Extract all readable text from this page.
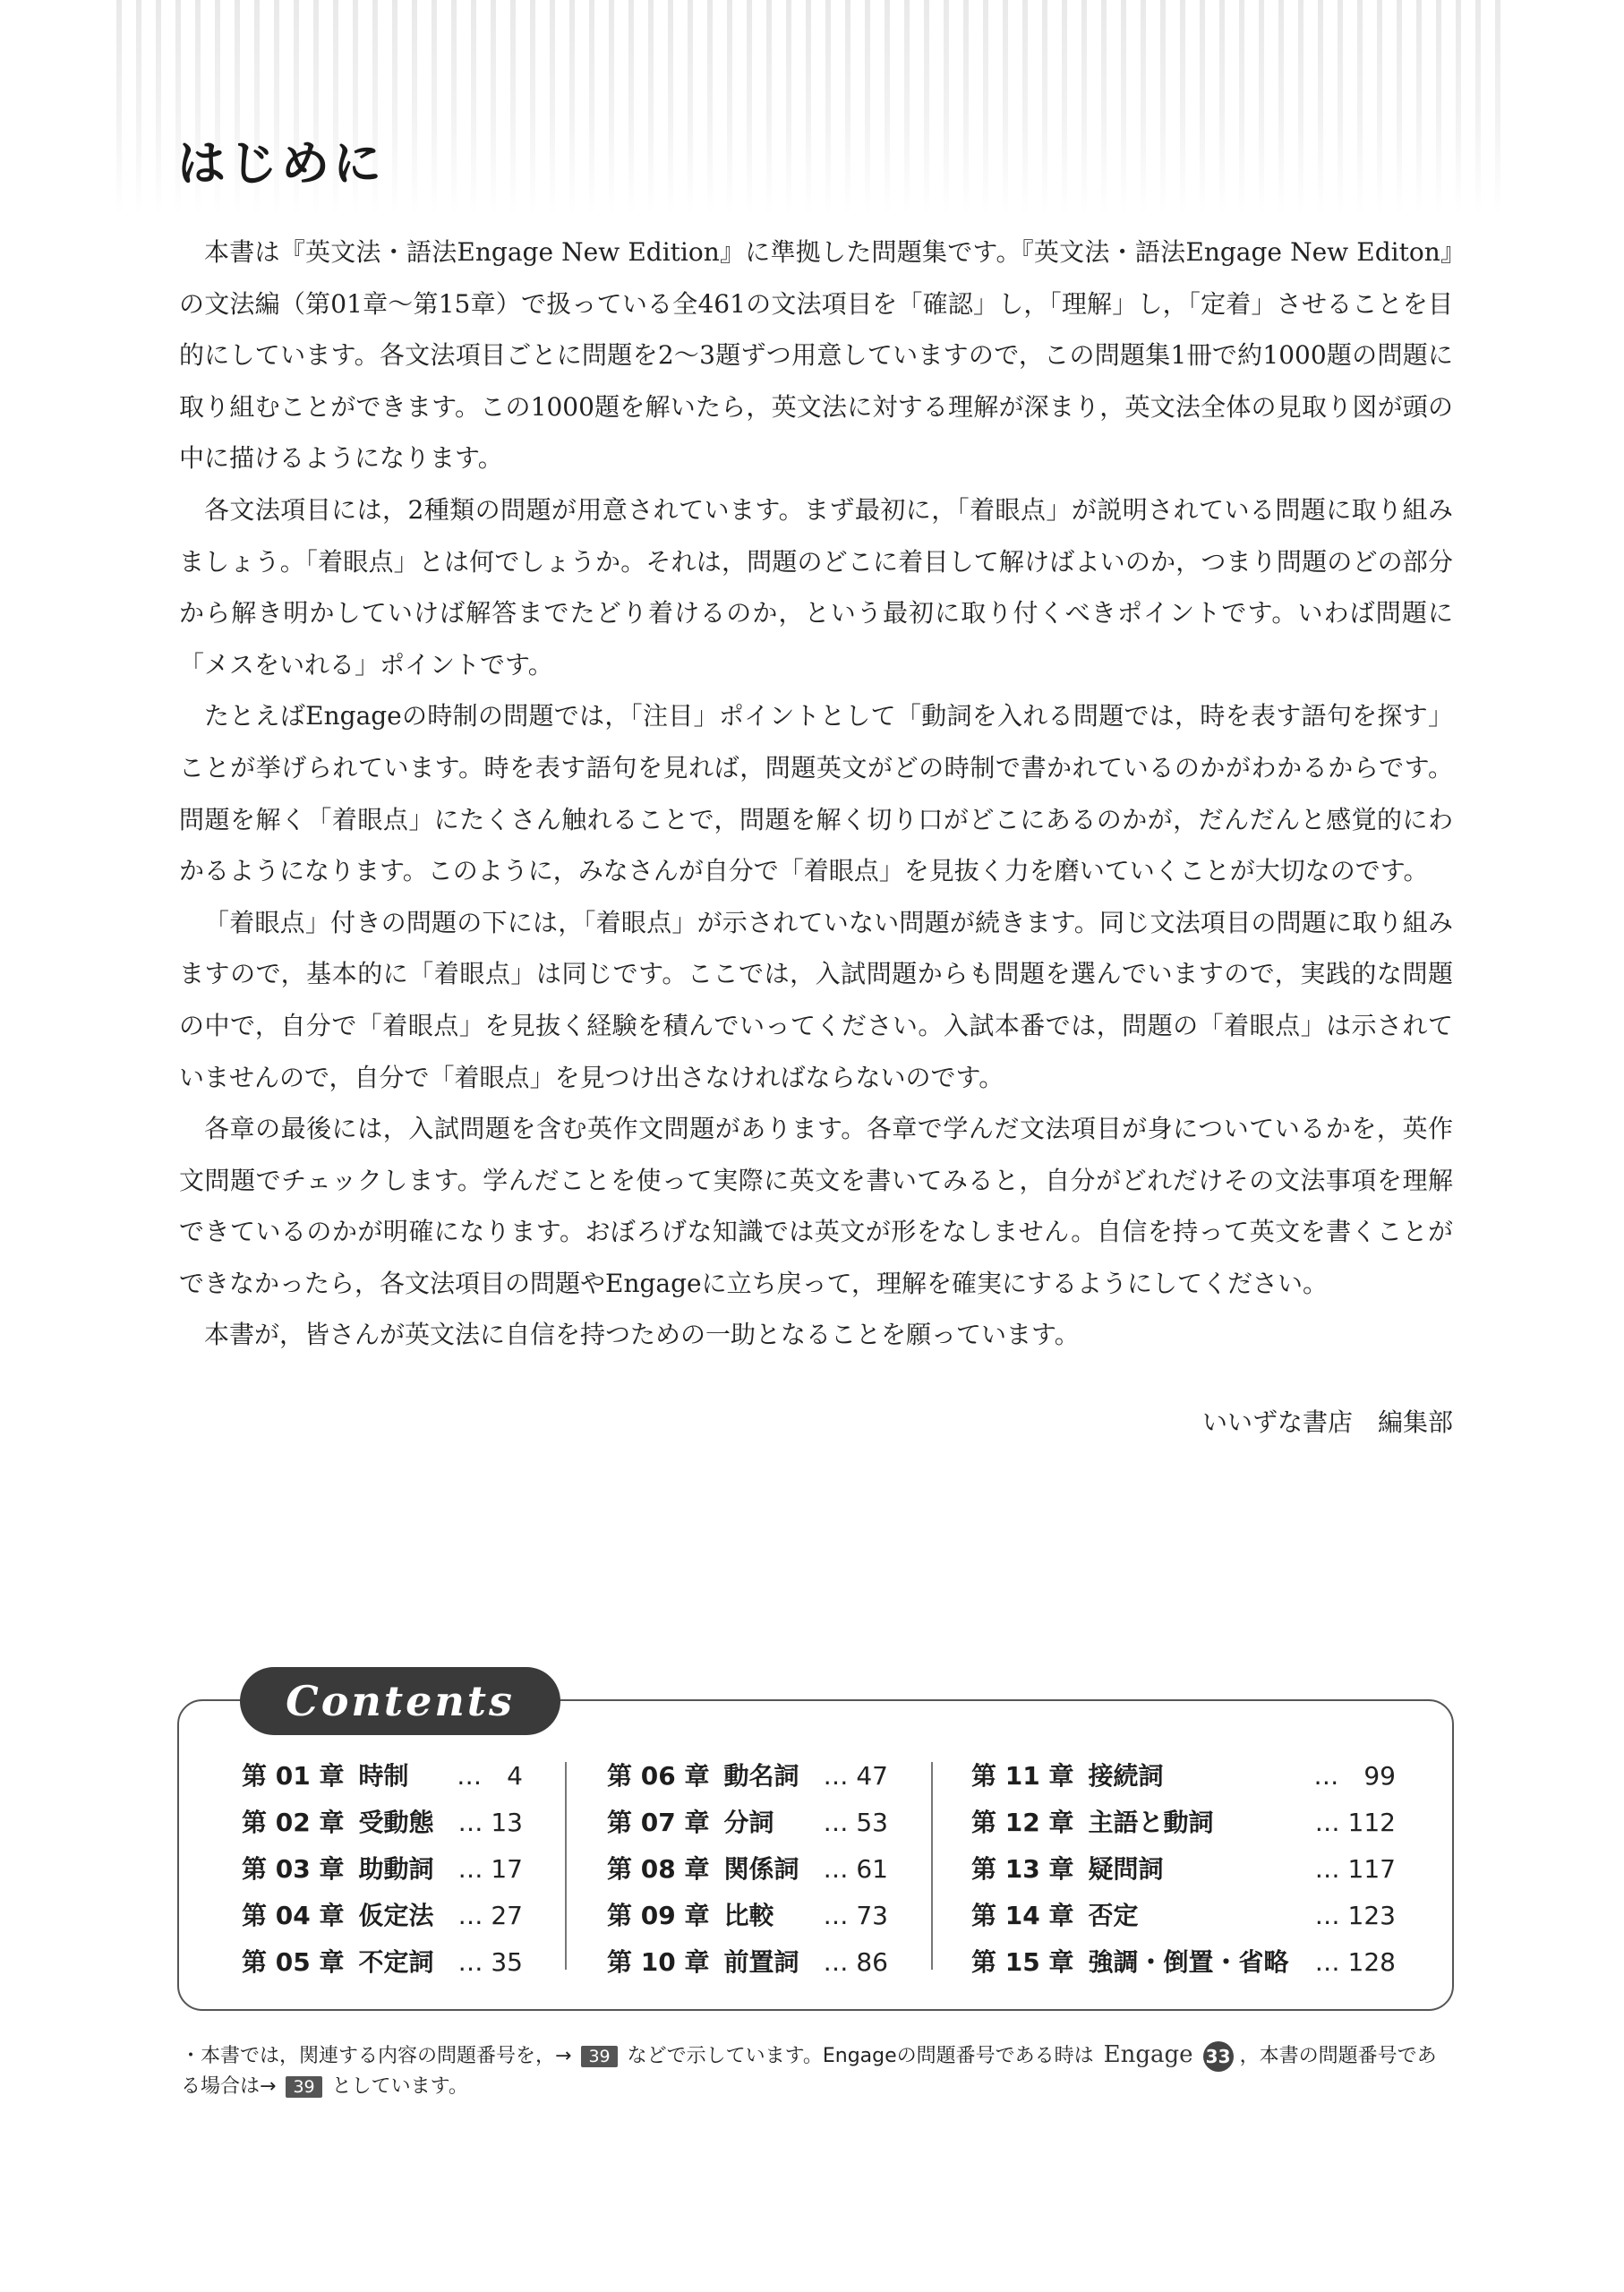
はじめに

本書は『英文法・語法Engage New Edition』に準拠した問題集です。『英文法・語法Engage New Editon』の文法編（第01章〜第15章）で扱っている全461の文法項目を「確認」し，「理解」し，「定着」させることを目的にしています。各文法項目ごとに問題を2〜3題ずつ用意していますので，この問題集1冊で約1000題の問題に取り組むことができます。この1000題を解いたら，英文法に対する理解が深まり，英文法全体の見取り図が頭の中に描けるようになります。

各文法項目には，2種類の問題が用意されています。まず最初に，「着眼点」が説明されている問題に取り組みましょう。「着眼点」とは何でしょうか。それは，問題のどこに着目して解けばよいのか，つまり問題のどの部分から解き明かしていけば解答までたどり着けるのか，という最初に取り付くべきポイントです。いわば問題に「メスをいれる」ポイントです。

たとえばEngageの時制の問題では，「注目」ポイントとして「動詞を入れる問題では，時を表す語句を探す」ことが挙げられています。時を表す語句を見れば，問題英文がどの時制で書かれているのかがわかるからです。問題を解く「着眼点」にたくさん触れることで，問題を解く切り口がどこにあるのかが，だんだんと感覚的にわかるようになります。このように，みなさんが自分で「着眼点」を見抜く力を磨いていくことが大切なのです。

「着眼点」付きの問題の下には，「着眼点」が示されていない問題が続きます。同じ文法項目の問題に取り組みますので，基本的に「着眼点」は同じです。ここでは，入試問題からも問題を選んでいますので，実践的な問題の中で，自分で「着眼点」を見抜く経験を積んでいってください。入試本番では，問題の「着眼点」は示されていませんので，自分で「着眼点」を見つけ出さなければならないのです。

各章の最後には，入試問題を含む英作文問題があります。各章で学んだ文法項目が身についているかを，英作文問題でチェックします。学んだことを使って実際に英文を書いてみると，自分がどれだけその文法事項を理解できているのかが明確になります。おぼろげな知識では英文が形をなしません。自信を持って英文を書くことができなかったら，各文法項目の問題やEngageに立ち戻って，理解を確実にするようにしてください。

本書が，皆さんが英文法に自信を持つための一助となることを願っています。

いいずな書店　編集部
Contents
第 01 章 時制 …　4
第 02 章 受動態 … 13
第 03 章 助動詞 … 17
第 04 章 仮定法 … 27
第 05 章 不定詞 … 35
第 06 章 動名詞 … 47
第 07 章 分詞 … 53
第 08 章 関係詞 … 61
第 09 章 比較 … 73
第 10 章 前置詞 … 86
第 11 章 接続詞	…　99
第 12 章 主語と動詞	… 112
第 13 章 疑問詞	… 117
第 14 章 否定	… 123
第 15 章 強調・倒置・省略 … 128
・本書では，関連する内容の問題番号を，→ 39 などで示しています。Engageの問題番号である時は Engage 33 ，本書の問題番号である場合は→ 39 としています。
